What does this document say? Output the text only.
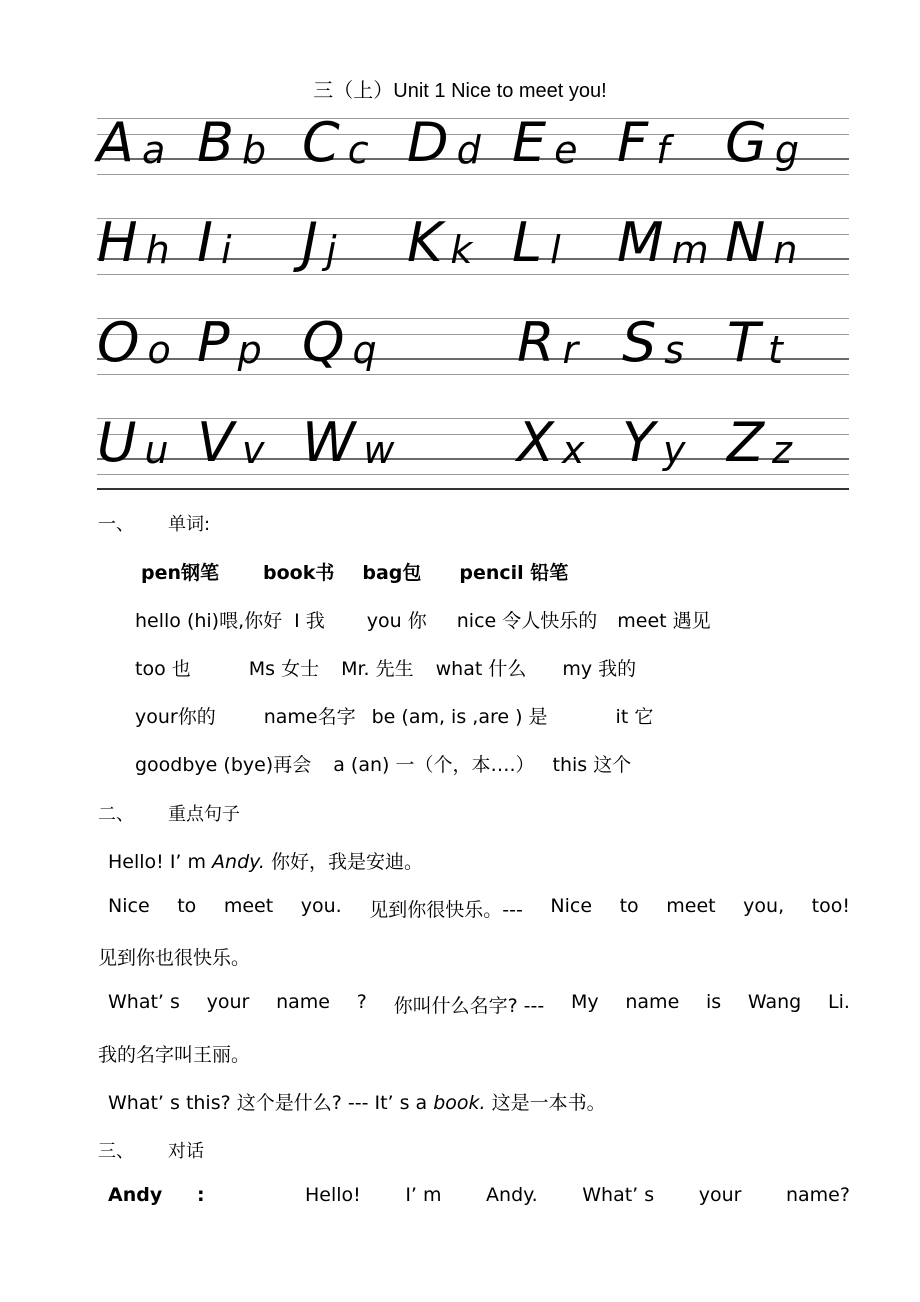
三（上）Unit 1 Nice to meet you!
A a B b C c D d E e F f G g
H h I i J j K k L l M m N n
O o P p Q q	R r S s T t
U u V v W w X x Y y Z z
一、 单词:
pen钢笔 book书 bag包 pencil 铅笔
hello (hi)喂,你好 I 我 you 你 nice 令人快乐的 meet 遇见
too 也	Ms 女士 Mr. 先生 what 什么 my 我的
your你的	name名字 be (am, is ,are ) 是	it 它
goodbye (bye)再会 a (an) 一（个，本….） this 这个
二、 重点句子
Hello! I’ m Andy. 你好，我是安迪。
Nice to meet you. 见到你很快乐。--- Nice to meet you, too!
见到你也很快乐。
What’ s your name ? 你叫什么名字? --- My name is Wang Li.
我的名字叫王丽。
What’ s this? 这个是什么? --- It’ s a book. 这是一本书。
三、 对话
Andy :	Hello! I’ m Andy. What’ s your name?
